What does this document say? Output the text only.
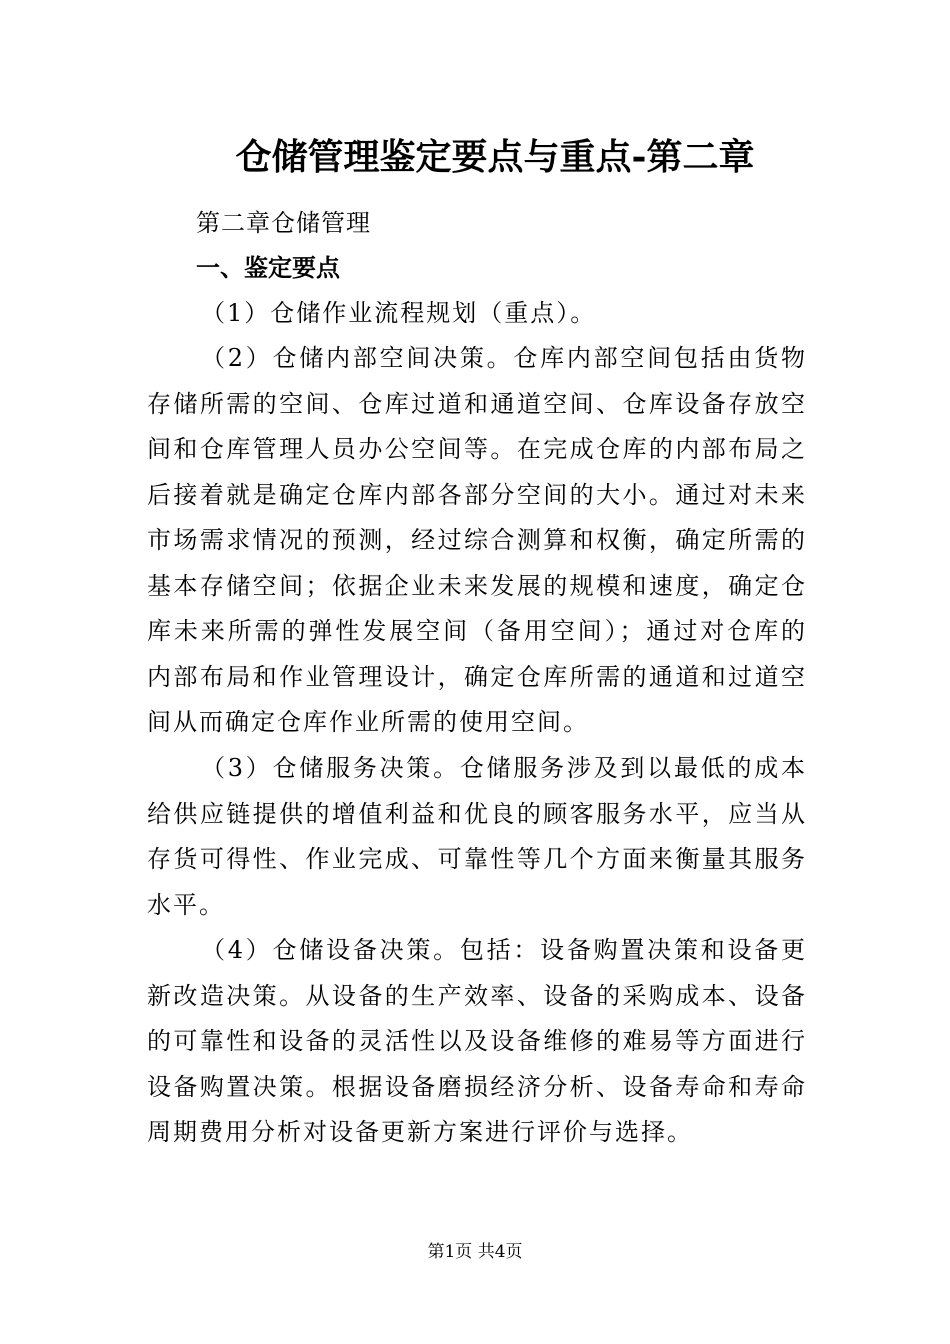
仓储管理鉴定要点与重点-第二章
第二章仓储管理
一、鉴定要点

（1）仓储作业流程规划（重点）。

（2）仓储内部空间决策。仓库内部空间包括由货物存储所需的空间、仓库过道和通道空间、仓库设备存放空间和仓库管理人员办公空间等。在完成仓库的内部布局之后接着就是确定仓库内部各部分空间的大小。通过对未来市场需求情况的预测，经过综合测算和权衡，确定所需的基本存储空间；依据企业未来发展的规模和速度，确定仓库未来所需的弹性发展空间（备用空间）；通过对仓库的内部布局和作业管理设计，确定仓库所需的通道和过道空间从而确定仓库作业所需的使用空间。

（3）仓储服务决策。仓储服务涉及到以最低的成本给供应链提供的增值利益和优良的顾客服务水平，应当从存货可得性、作业完成、可靠性等几个方面来衡量其服务水平。

（4）仓储设备决策。包括：设备购置决策和设备更新改造决策。从设备的生产效率、设备的采购成本、设备的可靠性和设备的灵活性以及设备维修的难易等方面进行设备购置决策。根据设备磨损经济分析、设备寿命和寿命周期费用分析对设备更新方案进行评价与选择。

第1页 共4页
